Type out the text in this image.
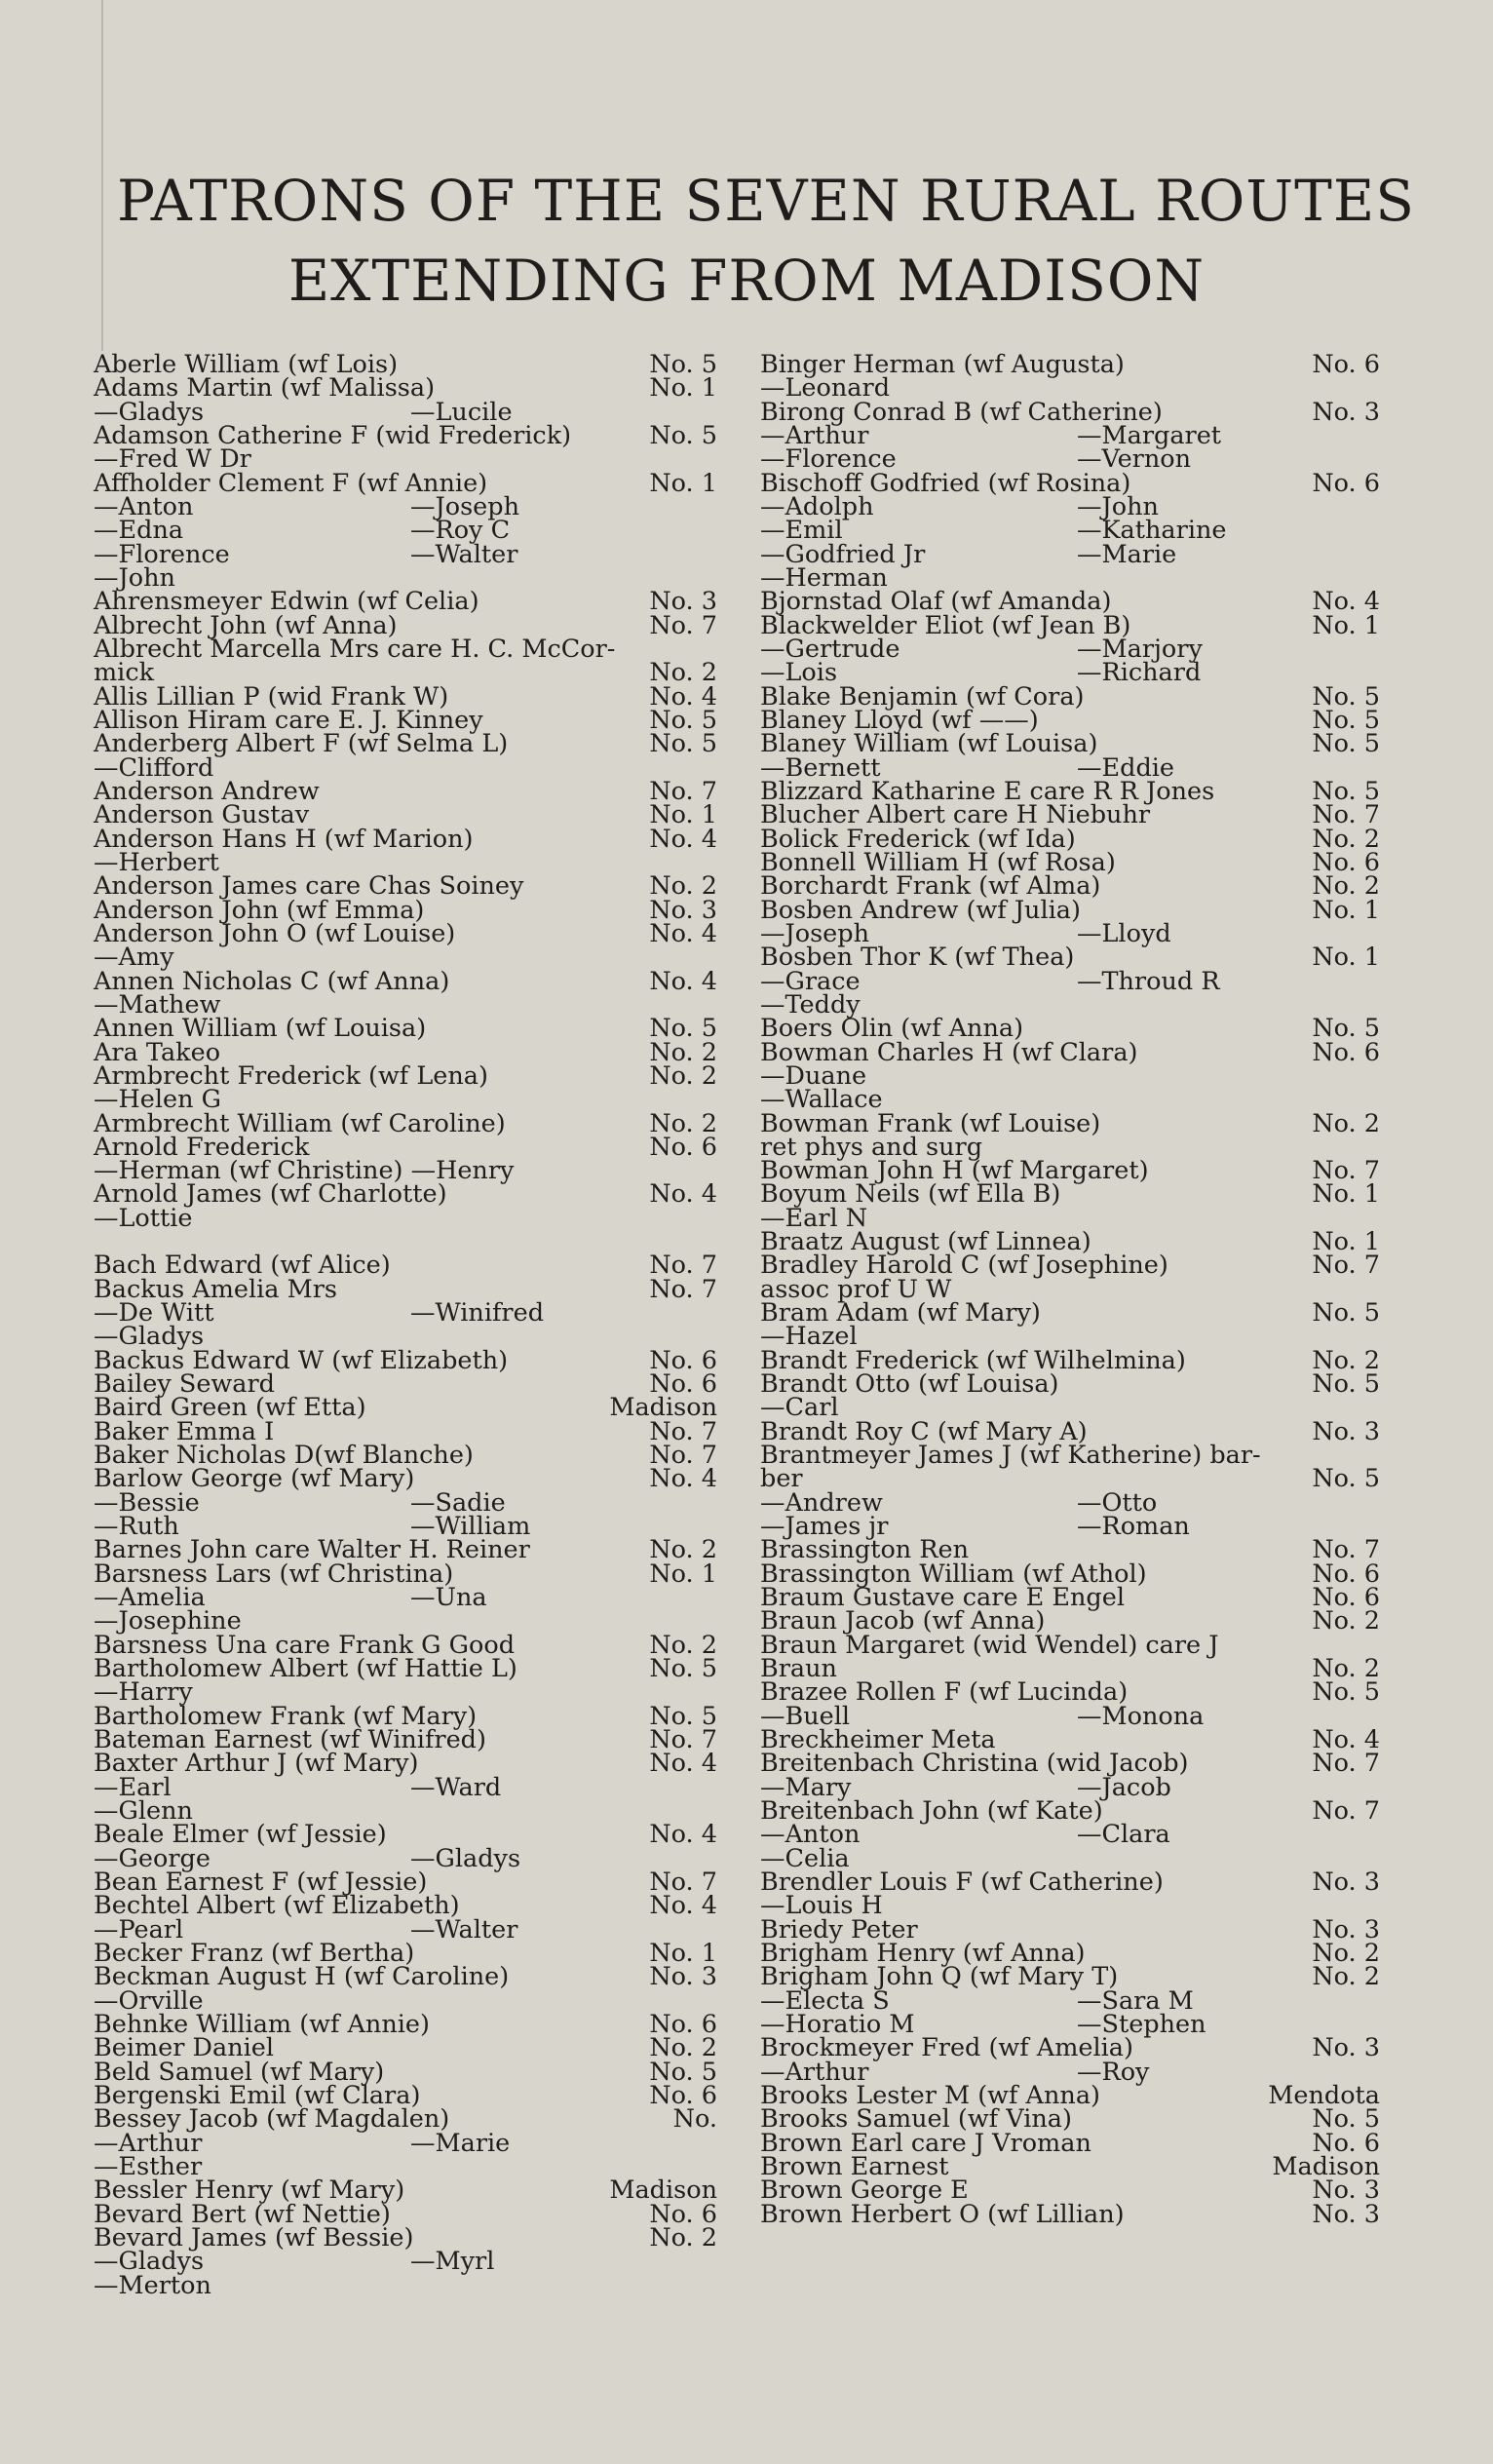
PATRONS OF THE SEVEN RURAL ROUTES
EXTENDING FROM MADISON
Aberle William (wf Lois)	No. 5
Adams Martin (wf Malissa)	No. 1
—Gladys	—Lucile
Adamson Catherine F (wid Frederick)	No. 5
—Fred W Dr
Affholder Clement F (wf Annie)	No. 1
—Anton	—Joseph
—Edna	—Roy C
—Florence	—Walter
—John
Ahrensmeyer Edwin (wf Celia)	No. 3
Albrecht John (wf Anna)	No. 7
Albrecht Marcella Mrs care H. C. McCor-
mick	No. 2
Allis Lillian P (wid Frank W)	No. 4
Allison Hiram care E. J. Kinney	No. 5
Anderberg Albert F (wf Selma L)	No. 5
—Clifford
Anderson Andrew	No. 7
Anderson Gustav	No. 1
Anderson Hans H (wf Marion)	No. 4
—Herbert
Anderson James care Chas Soiney	No. 2
Anderson John (wf Emma)	No. 3
Anderson John O (wf Louise)	No. 4
—Amy
Annen Nicholas C (wf Anna)	No. 4
—Mathew
Annen William (wf Louisa)	No. 5
Ara Takeo	No. 2
Armbrecht Frederick (wf Lena)	No. 2
—Helen G
Armbrecht William (wf Caroline)	No. 2
Arnold Frederick	No. 6
—Herman (wf Christine) —Henry
Arnold James (wf Charlotte)	No. 4
—Lottie
Bach Edward (wf Alice)	No. 7
Backus Amelia Mrs	No. 7
—De Witt	—Winifred
—Gladys
Backus Edward W (wf Elizabeth)	No. 6
Bailey Seward	No. 6
Baird Green (wf Etta)	Madison
Baker Emma I	No. 7
Baker Nicholas D(wf Blanche)	No. 7
Barlow George (wf Mary)	No. 4
—Bessie	—Sadie
—Ruth	—William
Barnes John care Walter H. Reiner	No. 2
Barsness Lars (wf Christina)	No. 1
—Amelia	—Una
—Josephine
Barsness Una care Frank G Good	No. 2
Bartholomew Albert (wf Hattie L)	No. 5
—Harry
Bartholomew Frank (wf Mary)	No. 5
Bateman Earnest (wf Winifred)	No. 7
Baxter Arthur J (wf Mary)	No. 4
—Earl	—Ward
—Glenn
Beale Elmer (wf Jessie)	No. 4
—George	—Gladys
Bean Earnest F (wf Jessie)	No. 7
Bechtel Albert (wf Elizabeth)	No. 4
—Pearl	—Walter
Becker Franz (wf Bertha)	No. 1
Beckman August H (wf Caroline)	No. 3
—Orville
Behnke William (wf Annie)	No. 6
Beimer Daniel	No. 2
Beld Samuel (wf Mary)	No. 5
Bergenski Emil (wf Clara)	No. 6
Bessey Jacob (wf Magdalen)	No.
—Arthur	—Marie
—Esther
Bessler Henry (wf Mary)	Madison
Bevard Bert (wf Nettie)	No. 6
Bevard James (wf Bessie)	No. 2
—Gladys	—Myrl
—Merton
Binger Herman (wf Augusta)	No. 6
—Leonard
Birong Conrad B (wf Catherine)	No. 3
—Arthur	—Margaret
—Florence	—Vernon
Bischoff Godfried (wf Rosina)	No. 6
—Adolph	—John
—Emil	—Katharine
—Godfried Jr	—Marie
—Herman
Bjornstad Olaf (wf Amanda)	No. 4
Blackwelder Eliot (wf Jean B)	No. 1
—Gertrude	—Marjory
—Lois	—Richard
Blake Benjamin (wf Cora)	No. 5
Blaney Lloyd (wf ——)	No. 5
Blaney William (wf Louisa)	No. 5
—Bernett	—Eddie
Blizzard Katharine E care R R Jones	No. 5
Blucher Albert care H Niebuhr	No. 7
Bolick Frederick (wf Ida)	No. 2
Bonnell William H (wf Rosa)	No. 6
Borchardt Frank (wf Alma)	No. 2
Bosben Andrew (wf Julia)	No. 1
—Joseph	—Lloyd
Bosben Thor K (wf Thea)	No. 1
—Grace	—Throud R
—Teddy
Boers Olin (wf Anna)	No. 5
Bowman Charles H (wf Clara)	No. 6
—Duane
—Wallace
Bowman Frank (wf Louise)	No. 2
ret phys and surg
Bowman John H (wf Margaret)	No. 7
Boyum Neils (wf Ella B)	No. 1
—Earl N
Braatz August (wf Linnea)	No. 1
Bradley Harold C (wf Josephine)	No. 7
assoc prof U W
Bram Adam (wf Mary)	No. 5
—Hazel
Brandt Frederick (wf Wilhelmina)	No. 2
Brandt Otto (wf Louisa)	No. 5
—Carl
Brandt Roy C (wf Mary A)	No. 3
Brantmeyer James J (wf Katherine) bar-
ber	No. 5
—Andrew	—Otto
—James jr	—Roman
Brassington Ren	No. 7
Brassington William (wf Athol)	No. 6
Braum Gustave care E Engel	No. 6
Braun Jacob (wf Anna)	No. 2
Braun Margaret (wid Wendel) care J
Braun	No. 2
Brazee Rollen F (wf Lucinda)	No. 5
—Buell	—Monona
Breckheimer Meta	No. 4
Breitenbach Christina (wid Jacob)	No. 7
—Mary	—Jacob
Breitenbach John (wf Kate)	No. 7
—Anton	—Clara
—Celia
Brendler Louis F (wf Catherine)	No. 3
—Louis H
Briedy Peter	No. 3
Brigham Henry (wf Anna)	No. 2
Brigham John Q (wf Mary T)	No. 2
—Electa S	—Sara M
—Horatio M	—Stephen
Brockmeyer Fred (wf Amelia)	No. 3
—Arthur	—Roy
Brooks Lester M (wf Anna)	Mendota
Brooks Samuel (wf Vina)	No. 5
Brown Earl care J Vroman	No. 6
Brown Earnest	Madison
Brown George E	No. 3
Brown Herbert O (wf Lillian)	No. 3
